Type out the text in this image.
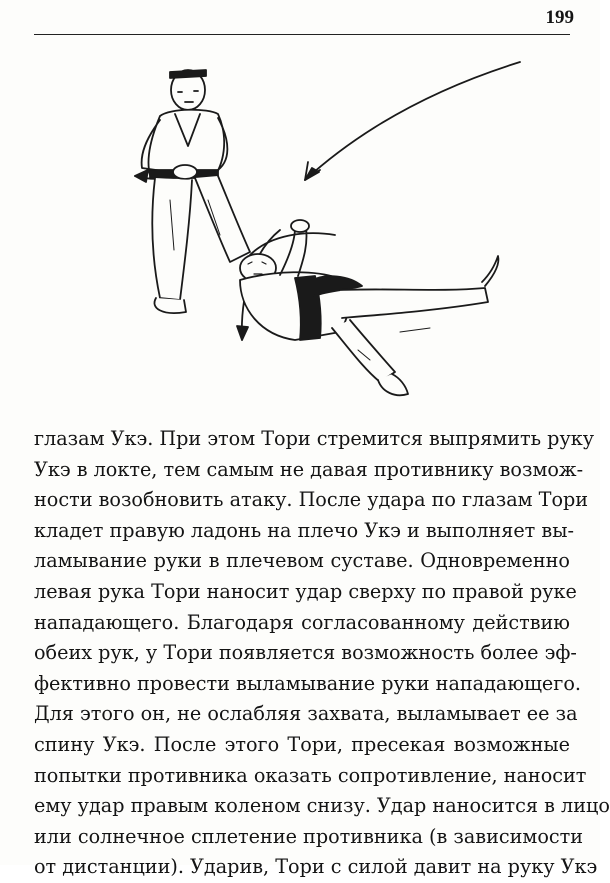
199
глазам Укэ. При этом Тори стремится выпрямить руку
Укэ в локте, тем самым не давая противнику возмож-
ности возобновить атаку. После удара по глазам Тори
кладет правую ладонь на плечо Укэ и выполняет вы-
ламывание руки в плечевом суставе. Одновременно
левая рука Тори наносит удар сверху по правой руке
нападающего. Благодаря согласованному действию
обеих рук, у Тори появляется возможность более эф-
фективно провести выламывание руки нападающего.
Для этого он, не ослабляя захвата, выламывает ее за
спину Укэ. После этого Тори, пресекая возможные
попытки противника оказать сопротивление, наносит
ему удар правым коленом снизу. Удар наносится в лицо
или солнечное сплетение противника (в зависимости
от дистанции). Ударив, Тори с силой давит на руку Укэ
